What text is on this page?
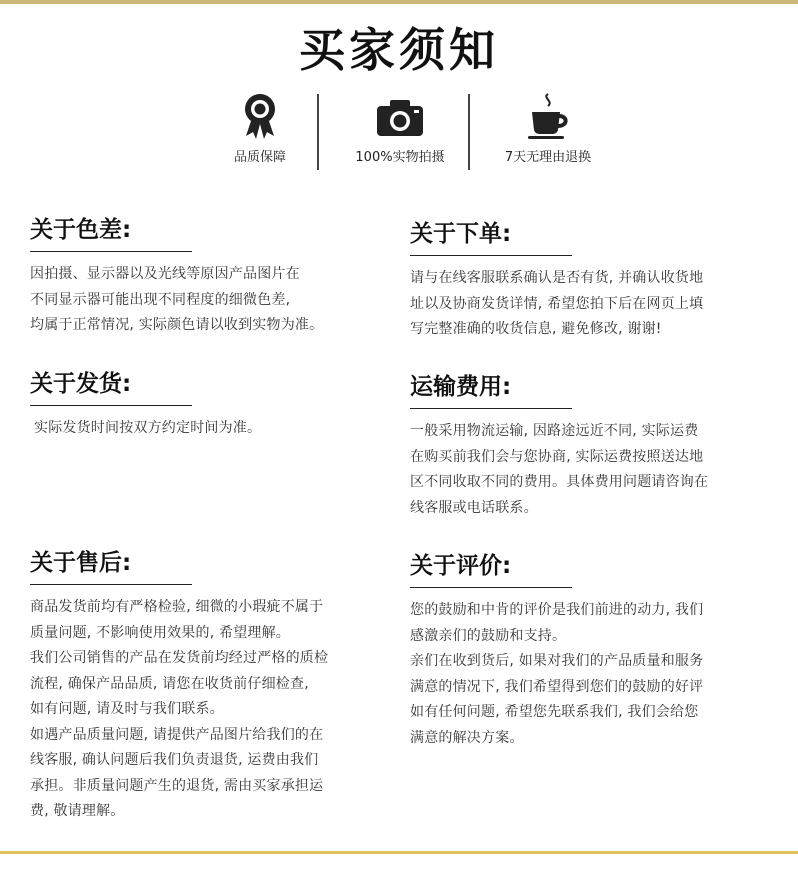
买家须知
品质保障	100%实物拍摄	7天无理由退换
关于色差:

因拍摄、显示器以及光线等原因产品图片在
不同显示器可能出现不同程度的细微色差,
均属于正常情况, 实际颜色请以收到实物为准。

关于下单:

请与在线客服联系确认是否有货, 并确认收货地
址以及协商发货详情, 希望您拍下后在网页上填
写完整准确的收货信息, 避免修改, 谢谢!

关于发货:

实际发货时间按双方约定时间为准。

运输费用:

一般采用物流运输, 因路途远近不同, 实际运费
在购买前我们会与您协商, 实际运费按照送达地
区不同收取不同的费用。具体费用问题请咨询在
线客服或电话联系。

关于售后:

商品发货前均有严格检验, 细微的小瑕疵不属于
质量问题, 不影响使用效果的, 希望理解。
我们公司销售的产品在发货前均经过严格的质检
流程, 确保产品品质, 请您在收货前仔细检查,
如有问题, 请及时与我们联系。
如遇产品质量问题, 请提供产品图片给我们的在
线客服, 确认问题后我们负责退货, 运费由我们
承担。非质量问题产生的退货, 需由买家承担运
费, 敬请理解。

关于评价:

您的鼓励和中肯的评价是我们前进的动力, 我们
感激亲们的鼓励和支持。
亲们在收到货后, 如果对我们的产品质量和服务
满意的情况下, 我们希望得到您们的鼓励的好评
如有任何问题, 希望您先联系我们, 我们会给您
满意的解决方案。
